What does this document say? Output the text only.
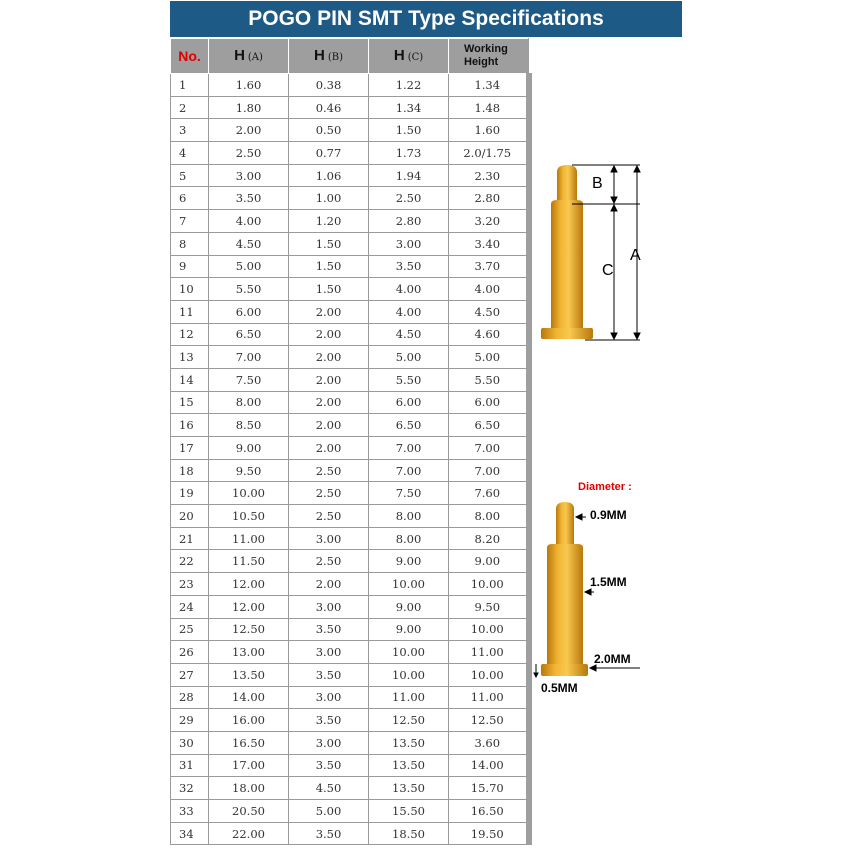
POGO PIN SMT Type Specifications
No.	H (A)	H (B)	H (C)	Working
Height
1	1.60	0.38	1.22	1.34
2	1.80	0.46	1.34	1.48
3	2.00	0.50	1.50	1.60
4	2.50	0.77	1.73	2.0/1.75
5	3.00	1.06	1.94	2.30
6	3.50	1.00	2.50	2.80
7	4.00	1.20	2.80	3.20
8	4.50	1.50	3.00	3.40
9	5.00	1.50	3.50	3.70
10	5.50	1.50	4.00	4.00
11	6.00	2.00	4.00	4.50
12	6.50	2.00	4.50	4.60
13	7.00	2.00	5.00	5.00
14	7.50	2.00	5.50	5.50
15	8.00	2.00	6.00	6.00
16	8.50	2.00	6.50	6.50
17	9.00	2.00	7.00	7.00
18	9.50	2.50	7.00	7.00
19	10.00	2.50	7.50	7.60
20	10.50	2.50	8.00	8.00
21	11.00	3.00	8.00	8.20
22	11.50	2.50	9.00	9.00
23	12.00	2.00	10.00	10.00
24	12.00	3.00	9.00	9.50
25	12.50	3.50	9.00	10.00
26	13.00	3.00	10.00	11.00
27	13.50	3.50	10.00	10.00
28	14.00	3.00	11.00	11.00
29	16.00	3.50	12.50	12.50
30	16.50	3.00	13.50	3.60
31	17.00	3.50	13.50	14.00
32	18.00	4.50	13.50	15.70
33	20.50	5.00	15.50	16.50
34	22.00	3.50	18.50	19.50
B
C
A
Diameter :
0.9MM
1.5MM
2.0MM
0.5MM
